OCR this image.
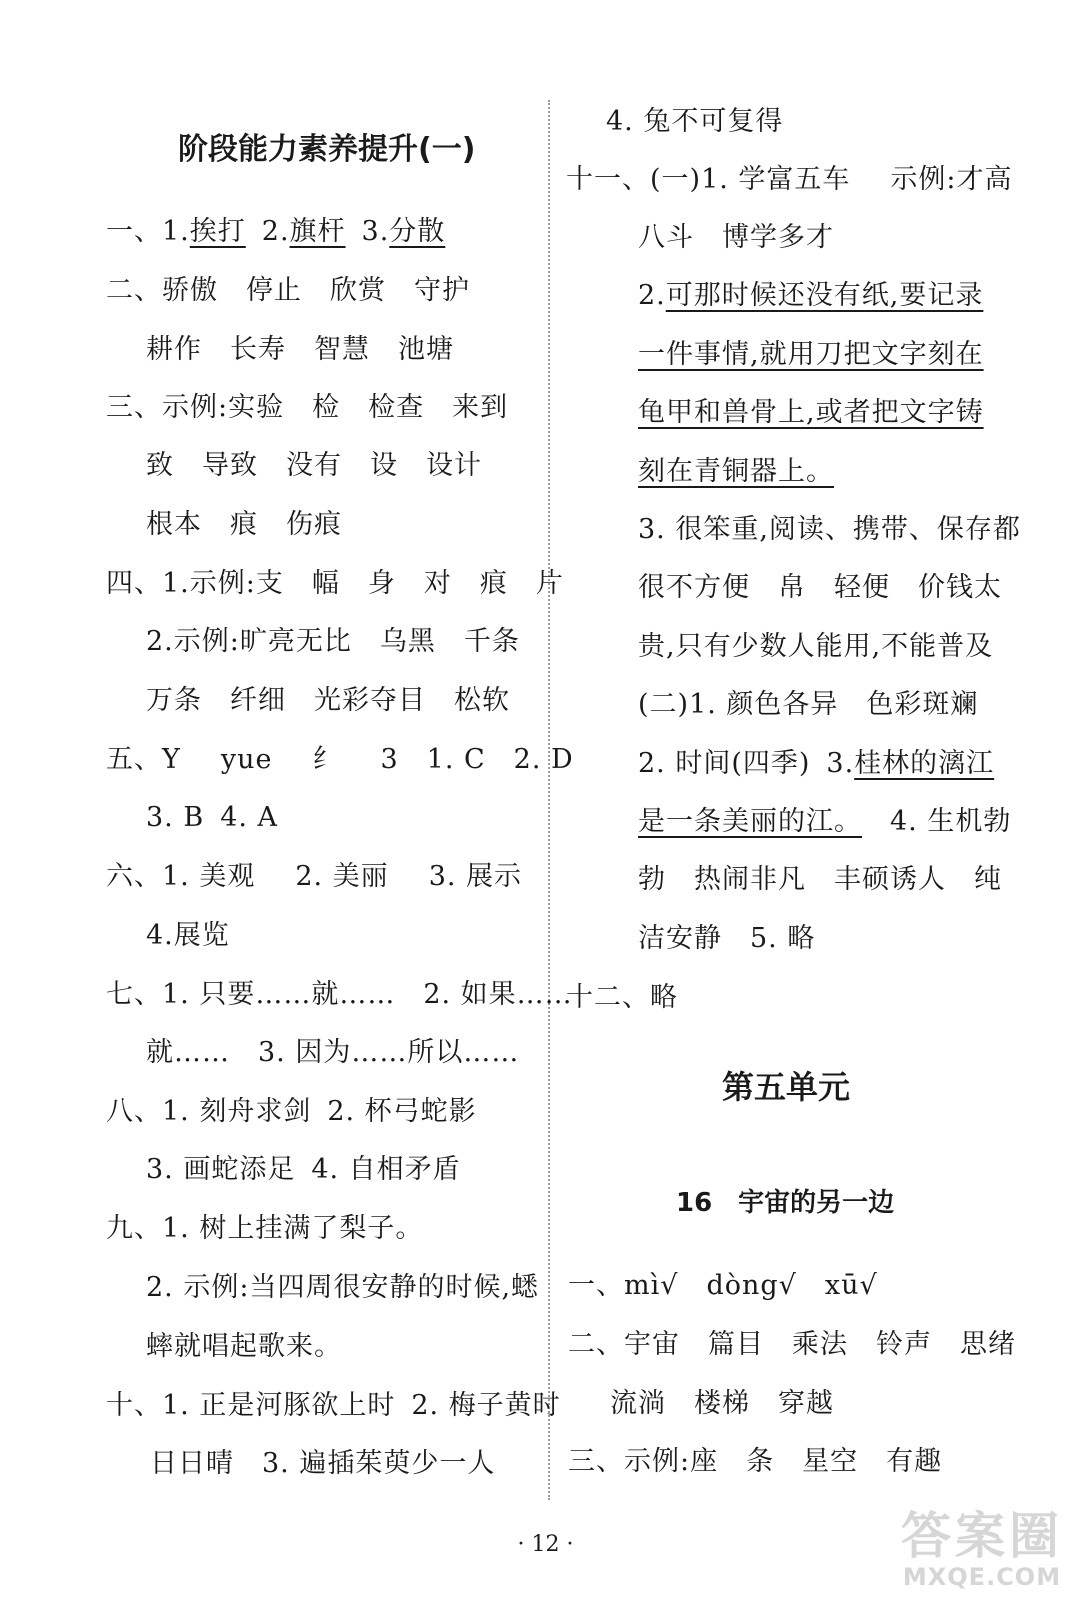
阶段能力素养提升(一)
一、1.挨打 2.旗杆 3.分散
二、骄傲 停止 欣赏 守护
耕作 长寿 智慧 池塘
三、示例:实验 检 检查 来到
致 导致 没有 设 设计
根本 痕 伤痕
四、1.示例:支 幅 身 对 痕 片
2.示例:旷亮无比 乌黑 千条
万条 纤细 光彩夺目 松软
五、Y yue 纟 3 1. C 2. D
3. B 4. A
六、1. 美观 2. 美丽 3. 展示
4.展览
七、1. 只要……就…… 2. 如果……
就…… 3. 因为……所以……
八、1. 刻舟求剑 2. 杯弓蛇影
3. 画蛇添足 4. 自相矛盾
九、1. 树上挂满了梨子。
2. 示例:当四周很安静的时候,蟋
蟀就唱起歌来。
十、1. 正是河豚欲上时 2. 梅子黄时
日日晴 3. 遍插茱萸少一人
4. 兔不可复得
十一、(一)1. 学富五车 示例:才高
八斗 博学多才
2.可那时候还没有纸,要记录
一件事情,就用刀把文字刻在
龟甲和兽骨上,或者把文字铸
刻在青铜器上。
3. 很笨重,阅读、携带、保存都
很不方便 帛 轻便 价钱太
贵,只有少数人能用,不能普及
(二)1. 颜色各异 色彩斑斓
2. 时间(四季) 3.桂林的漓江
是一条美丽的江。 4. 生机勃
勃 热闹非凡 丰硕诱人 纯
洁安静 5. 略
十二、略
第五单元
16　宇宙的另一边
一、mì√ dòng√ xū√
二、宇宙 篇目 乘法 铃声 思绪
流淌 楼梯 穿越
三、示例:座 条 星空 有趣
· 12 ·	答案圈
MXQE.COM
